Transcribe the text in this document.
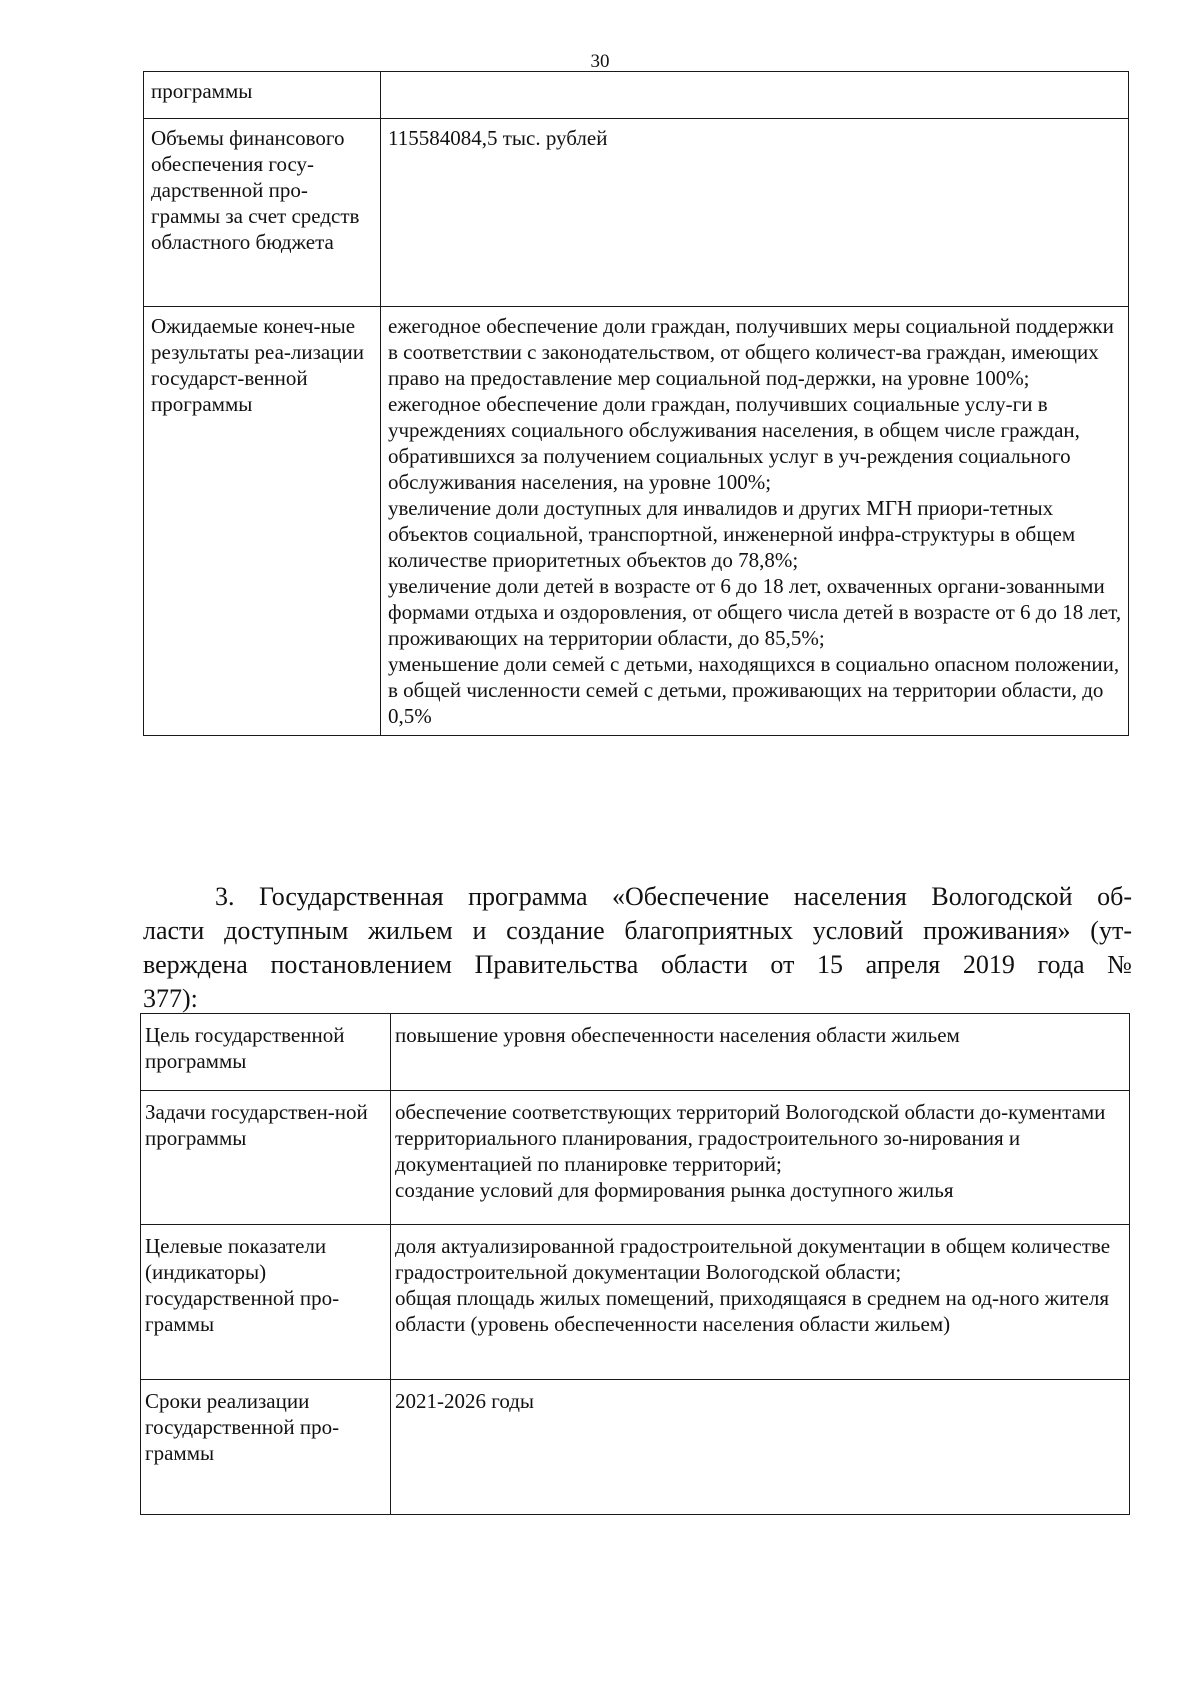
30
программы	
Объемы финансового обеспечения госу-дарственной про-граммы за счет средств областного бюджета	115584084,5 тыс. рублей
Ожидаемые конеч-ные результаты реа-лизации государст-венной программы	ежегодное обеспечение доли граждан, получивших меры социальной поддержки в соответствии с законодательством, от общего количест-ва граждан, имеющих право на предоставление мер социальной под-держки, на уровне 100%;
ежегодное обеспечение доли граждан, получивших социальные услу-ги в учреждениях социального обслуживания населения, в общем числе граждан, обратившихся за получением социальных услуг в уч-реждения социального обслуживания населения, на уровне 100%;
увеличение доли доступных для инвалидов и других МГН приори-тетных объектов социальной, транспортной, инженерной инфра-структуры в общем количестве приоритетных объектов до 78,8%;
увеличение доли детей в возрасте от 6 до 18 лет, охваченных органи-зованными формами отдыха и оздоровления, от общего числа детей в возрасте от 6 до 18 лет, проживающих на территории области, до 85,5%;
уменьшение доли семей с детьми, находящихся в социально опасном положении, в общей численности семей с детьми, проживающих на территории области, до 0,5%
3. Государственная программа «Обеспечение населения Вологодской об-
ласти доступным жильем и создание благоприятных условий проживания» (ут-
верждена постановлением Правительства области от 15 апреля 2019 года №
377):
Цель государственной программы	повышение уровня обеспеченности населения области жильем

Задачи государствен-ной программы	обеспечение соответствующих территорий Вологодской области до-кументами территориального планирования, градостроительного зо-нирования и документацией по планировке территорий;
создание условий для формирования рынка доступного жилья

Целевые показатели (индикаторы) государственной про-граммы	доля актуализированной градостроительной документации в общем количестве градостроительной документации Вологодской области;
общая площадь жилых помещений, приходящаяся в среднем на од-ного жителя области (уровень обеспеченности населения области жильем)

Сроки реализации государственной про-граммы	2021-2026 годы
